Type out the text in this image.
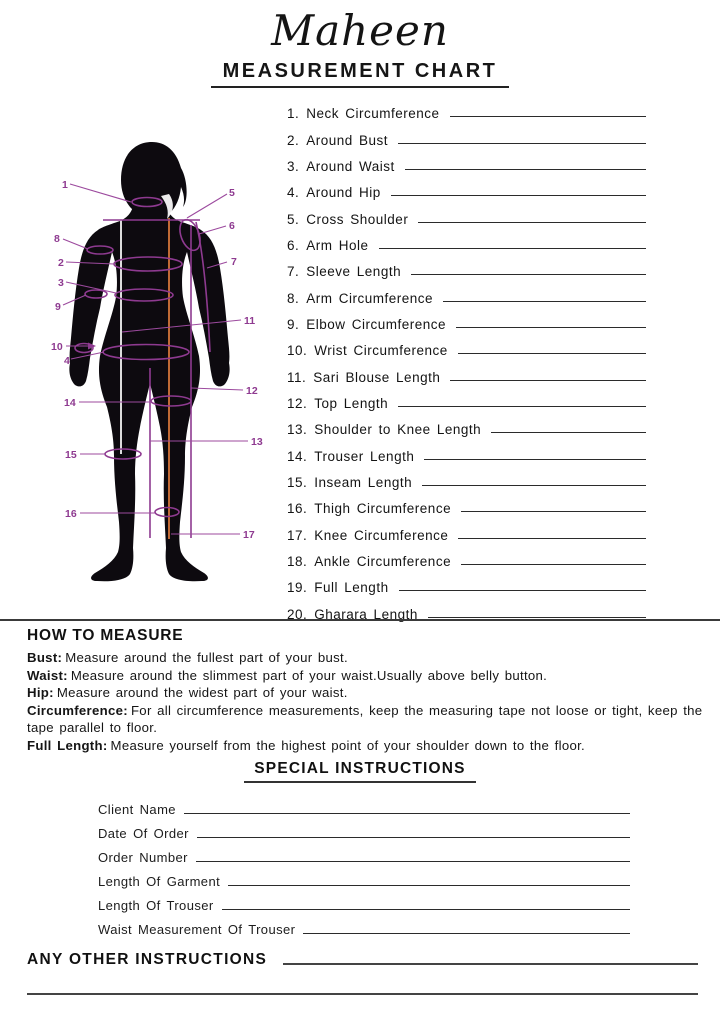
Maheen
MEASUREMENT CHART
1
2
3
4
5
6
7
8
9
10
11
12
13
14
15
16
17
1. Neck Circumference
2. Around Bust
3. Around Waist
4. Around Hip
5. Cross Shoulder
6. Arm Hole
7. Sleeve Length
8. Arm Circumference
9. Elbow Circumference
10. Wrist Circumference
11. Sari Blouse Length
12. Top Length
13. Shoulder to Knee Length
14. Trouser Length
15. Inseam Length
16. Thigh Circumference
17. Knee Circumference
18. Ankle Circumference
19. Full Length
20. Gharara Length
HOW TO MEASURE

Bust: Measure around the fullest part of your bust.

Waist: Measure around the slimmest part of your waist.Usually above belly button.

Hip: Measure around the widest part of your waist.

Circumference: For all circumference measurements, keep the measuring tape not loose or tight, keep the tape parallel to floor.

Full Length: Measure yourself from the highest point of your shoulder down to the floor.

SPECIAL INSTRUCTIONS
Client Name
Date Of Order
Order Number
Length Of Garment
Length Of Trouser
Waist Measurement Of Trouser
ANY OTHER INSTRUCTIONS
